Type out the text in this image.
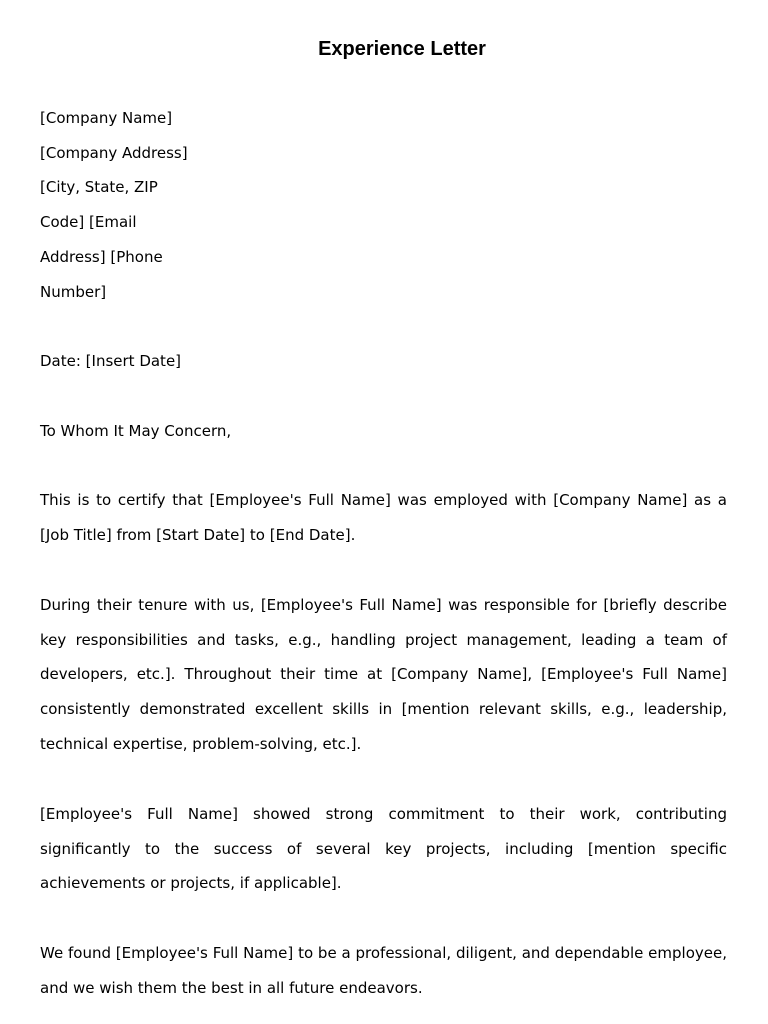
Experience Letter
[Company Name]
[Company Address]
[City, State, ZIP
Code] [Email
Address] [Phone
Number]

Date: [Insert Date]

To Whom It May Concern,

This is to certify that [Employee's Full Name] was employed with [Company Name] as a [Job Title] from [Start Date] to [End Date].

During their tenure with us, [Employee's Full Name] was responsible for [briefly describe key responsibilities and tasks, e.g., handling project management, leading a team of developers, etc.]. Throughout their time at [Company Name], [Employee's Full Name] consistently demonstrated excellent skills in [mention relevant skills, e.g., leadership, technical expertise, problem-solving, etc.].

[Employee's Full Name] showed strong commitment to their work, contributing significantly to the success of several key projects, including [mention specific achievements or projects, if applicable].

We found [Employee's Full Name] to be a professional, diligent, and dependable employee, and we wish them the best in all future endeavors.
